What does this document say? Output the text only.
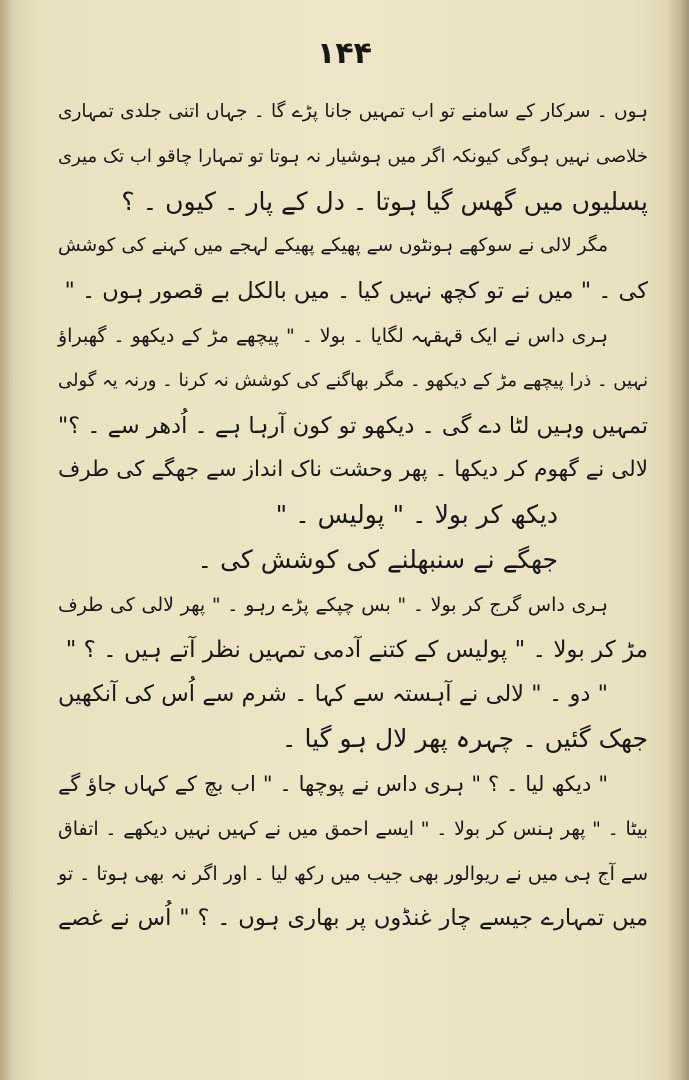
۱۴۴
ہوں ۔ سرکار کے سامنے تو اب تمہیں جانا پڑے گا ۔ جہاں اتنی جلدی تمہاری
خلاصی نہیں ہوگی کیونکہ اگر میں ہوشیار نہ ہوتا تو تمہارا چاقو اب تک میری
پسلیوں میں گھس گیا ہوتا ۔ دل کے پار ۔ کیوں ۔ ؟
مگر لالی نے سوکھے ہونٹوں سے پھیکے پھیکے لہجے میں کہنے کی کوشش
کی ۔ " میں نے تو کچھ نہیں کیا ۔ میں بالکل بے قصور ہوں ۔ "
ہری داس نے ایک قہقہہ لگایا ۔ بولا ۔ " پیچھے مڑ کے دیکھو ۔ گھبراؤ
نہیں ۔ ذرا پیچھے مڑ کے دیکھو ۔ مگر بھاگنے کی کوشش نہ کرنا ۔ ورنہ یہ گولی
تمہیں وہیں لٹا دے گی ۔ دیکھو تو کون آرہا ہے ۔ اُدھر سے ۔ ؟"
لالی نے گھوم کر دیکھا ۔ پھر وحشت ناک انداز سے جھگے کی طرف
دیکھ کر بولا ۔ " پولیس ۔ "
جھگے نے سنبھلنے کی کوشش کی ۔
ہری داس گرج کر بولا ۔ " بس چپکے پڑے رہو ۔ " پھر لالی کی طرف
مڑ کر بولا ۔ " پولیس کے کتنے آدمی تمہیں نظر آتے ہیں ۔ ؟ "
" دو ۔ " لالی نے آہستہ سے کہا ۔ شرم سے اُس کی آنکھیں
جھک گئیں ۔ چہرہ پھر لال ہو گیا ۔
" دیکھ لیا ۔ ؟ " ہری داس نے پوچھا ۔ " اب بچ کے کہاں جاؤ گے
بیٹا ۔ " پھر ہنس کر بولا ۔ " ایسے احمق میں نے کہیں نہیں دیکھے ۔ اتفاق
سے آج ہی میں نے ریوالور بھی جیب میں رکھ لیا ۔ اور اگر نہ بھی ہوتا ۔ تو
میں تمہارے جیسے چار غنڈوں پر بھاری ہوں ۔ ؟ " اُس نے غصے
